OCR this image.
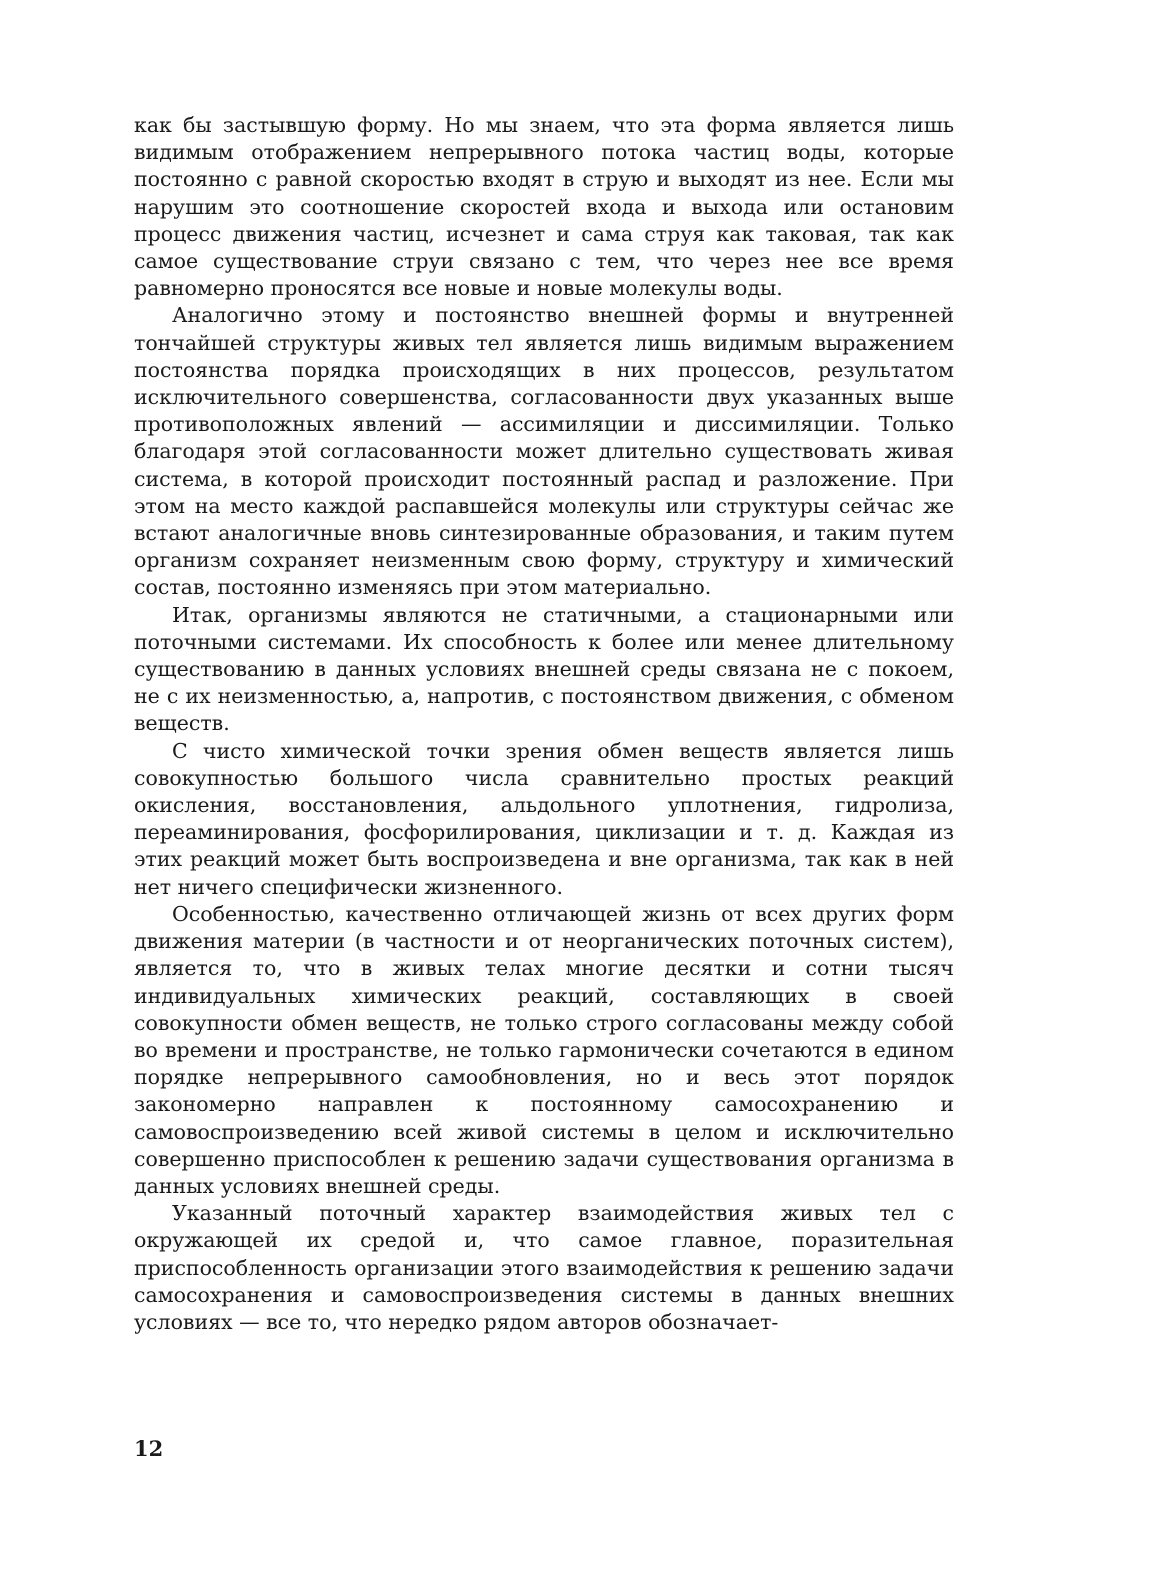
как бы застывшую форму. Но мы знаем, что эта форма является лишь видимым отображением непрерывного потока частиц воды, которые постоянно с равной скоростью входят в струю и выходят из нее. Если мы нарушим это соотношение скоростей входа и выхода или остановим процесс движения частиц, исчезнет и сама струя как таковая, так как самое существование струи связано с тем, что через нее все время равномерно проносятся все новые и новые молекулы воды.

Аналогично этому и постоянство внешней формы и внутренней тончайшей структуры живых тел является лишь видимым выражением постоянства порядка происходящих в них процессов, результатом исключительного совершенства, согласованности двух указанных выше противоположных явлений — ассимиляции и диссимиляции. Только благодаря этой согласованности может длительно существовать живая система, в которой происходит постоянный распад и разложение. При этом на место каждой распавшейся молекулы или структуры сейчас же встают аналогичные вновь синтезированные образования, и таким путем организм сохраняет неизменным свою форму, структуру и химический состав, постоянно изменяясь при этом материально.

Итак, организмы являются не статичными, а стационарными или поточными системами. Их способность к более или менее длительному существованию в данных условиях внешней среды связана не с покоем, не с их неизменностью, а, напротив, с постоянством движения, с обменом веществ.

С чисто химической точки зрения обмен веществ является лишь совокупностью большого числа сравнительно простых реакций окисления, восстановления, альдольного уплотнения, гидролиза, переаминирования, фосфорилирования, циклизации и т. д. Каждая из этих реакций может быть воспроизведена и вне организма, так как в ней нет ничего специфически жизненного.

Особенностью, качественно отличающей жизнь от всех других форм движения материи (в частности и от неорганических поточных систем), является то, что в живых телах многие десятки и сотни тысяч индивидуальных химических реакций, составляющих в своей совокупности обмен веществ, не только строго согласованы между собой во времени и пространстве, не только гармонически сочетаются в едином порядке непрерывного самообновления, но и весь этот порядок закономерно направлен к постоянному самосохранению и самовоспроизведению всей живой системы в целом и исключительно совершенно приспособлен к решению задачи существования организма в данных условиях внешней среды.

Указанный поточный характер взаимодействия живых тел с окружающей их средой и, что самое главное, поразительная приспособленность организации этого взаимодействия к решению задачи самосохранения и самовоспроизведения системы в данных внешних условиях — все то, что нередко рядом авторов обозначает-

12
